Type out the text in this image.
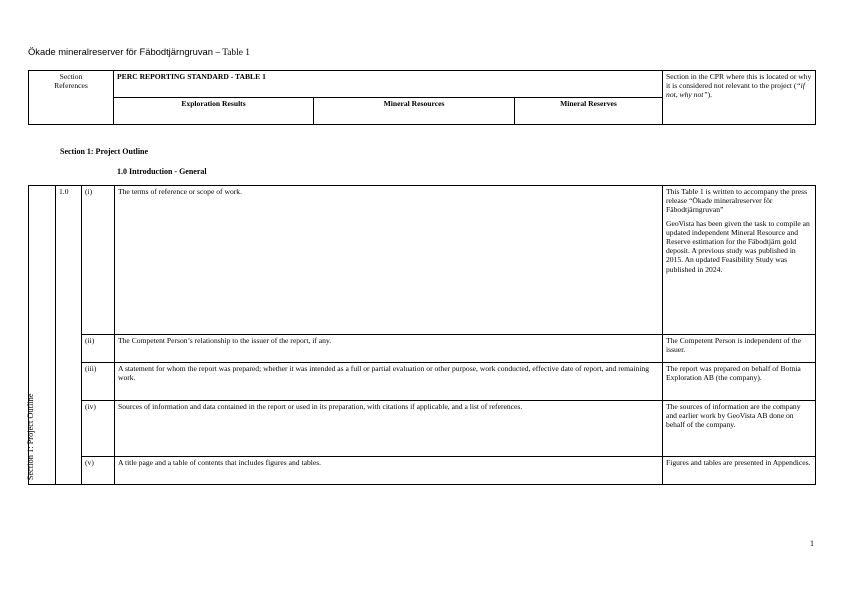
Ökade mineralreserver för Fäbodtjärngruvan – Table 1
Section References	PERC REPORTING STANDARD - TABLE 1			Section in the CPR where this is located or why it is considered not relevant to the project (“if not, why not”).
	Exploration Results	Mineral Resources	Mineral Reserves	
Section 1: Project Outline
1.0 Introduction - General
Section 1: Project Outline	1.0	(i)	The terms of reference or scope of work.	This Table 1 is written to accompany the press release “Ökade mineralreserver för Fäbodtjärngruvan”
GeoVista has been given the task to compile an updated independent Mineral Resource and Reserve estimation for the Fäbodtjärn gold deposit. A previous study was published in 2015. An updated Feasibility Study was published in 2024.

		(ii)	The Competent Person’s relationship to the issuer of the report, if any.	The Competent Person is independent of the issuer.
		(iii)	A statement for whom the report was prepared; whether it was intended as a full or partial evaluation or other purpose, work conducted, effective date of report, and remaining work.	The report was prepared on behalf of Botnia Exploration AB (the company).
		(iv)	Sources of information and data contained in the report or used in its preparation, with citations if applicable, and a list of references.	The sources of information are the company and earlier work by GeoVista AB done on behalf of the company.
		(v)	A title page and a table of contents that includes figures and tables.	Figures and tables are presented in Appendices.
1
